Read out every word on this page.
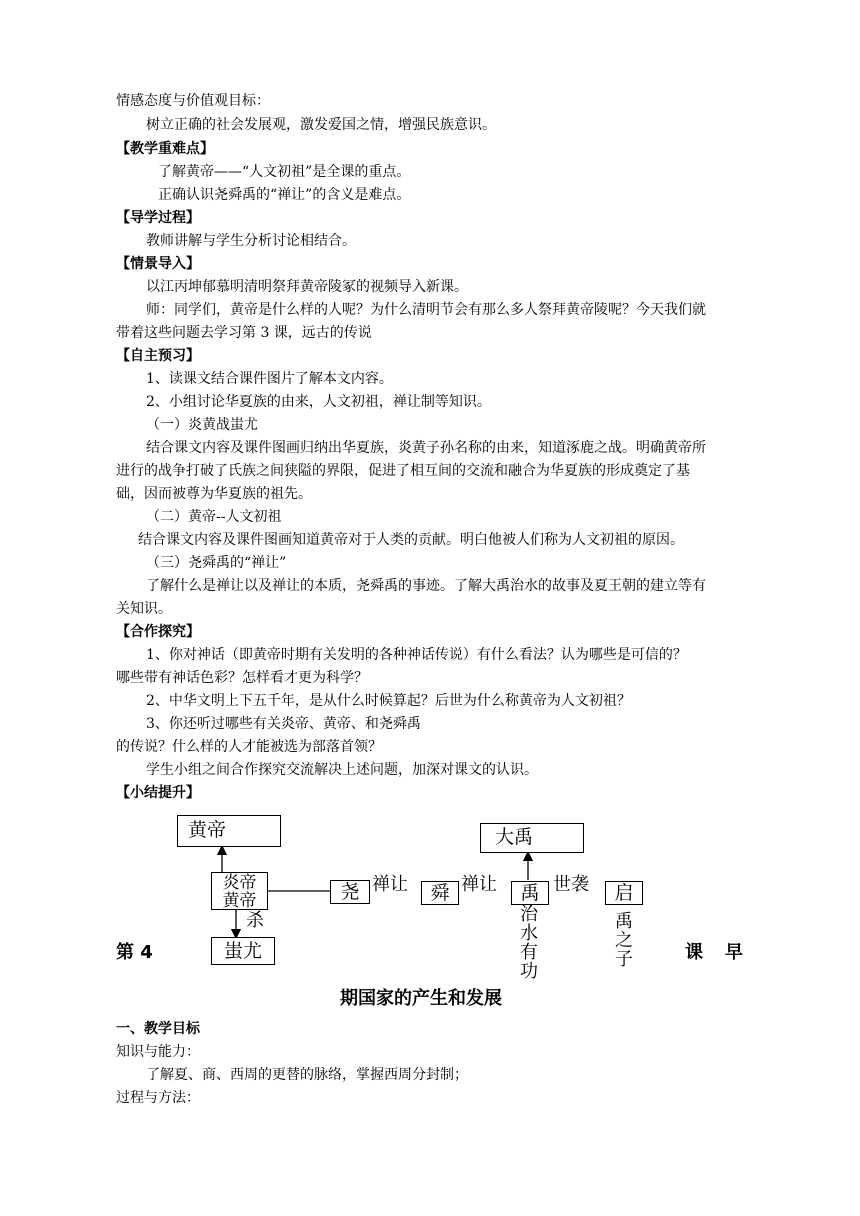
情感态度与价值观目标：
树立正确的社会发展观，激发爱国之情，增强民族意识。
【教学重难点】
了解黄帝——“人文初祖”是全课的重点。
正确认识尧舜禹的“禅让”的含义是难点。
【导学过程】
教师讲解与学生分析讨论相结合。
【情景导入】
以江丙坤郁慕明清明祭拜黄帝陵冢的视频导入新课。
师：同学们，黄帝是什么样的人呢？为什么清明节会有那么多人祭拜黄帝陵呢？今天我们就
带着这些问题去学习第 3 课，远古的传说
【自主预习】
1、读课文结合课件图片了解本文内容。
2、小组讨论华夏族的由来，人文初祖，禅让制等知识。
（一）炎黄战蚩尤
结合课文内容及课件图画归纳出华夏族，炎黄子孙名称的由来，知道涿鹿之战。明确黄帝所
进行的战争打破了氏族之间狭隘的界限，促进了相互间的交流和融合为华夏族的形成奠定了基
础，因而被尊为华夏族的祖先。
（二）黄帝--人文初祖
结合课文内容及课件图画知道黄帝对于人类的贡献。明白他被人们称为人文初祖的原因。
（三）尧舜禹的“禅让”
了解什么是禅让以及禅让的本质，尧舜禹的事迹。了解大禹治水的故事及夏王朝的建立等有
关知识。
【合作探究】
1、你对神话（即黄帝时期有关发明的各种神话传说）有什么看法？认为哪些是可信的？
哪些带有神话色彩？怎样看才更为科学？
2、中华文明上下五千年，是从什么时候算起？后世为什么称黄帝为人文初祖？
3、你还听过哪些有关炎帝、黄帝、和尧舜禹
的传说？什么样的人才能被选为部落首领？
学生小组之间合作探究交流解决上述问题，加深对课文的认识。
【小结提升】
黄帝
炎帝
黄帝
杀
蚩尤
尧 禅让	舜 禅让	禹
大禹
世袭	启
治水有功
禹之子
第 4	课 早
期国家的产生和发展
一、教学目标
知识与能力：
了解夏、商、西周的更替的脉络，掌握西周分封制；
过程与方法：
